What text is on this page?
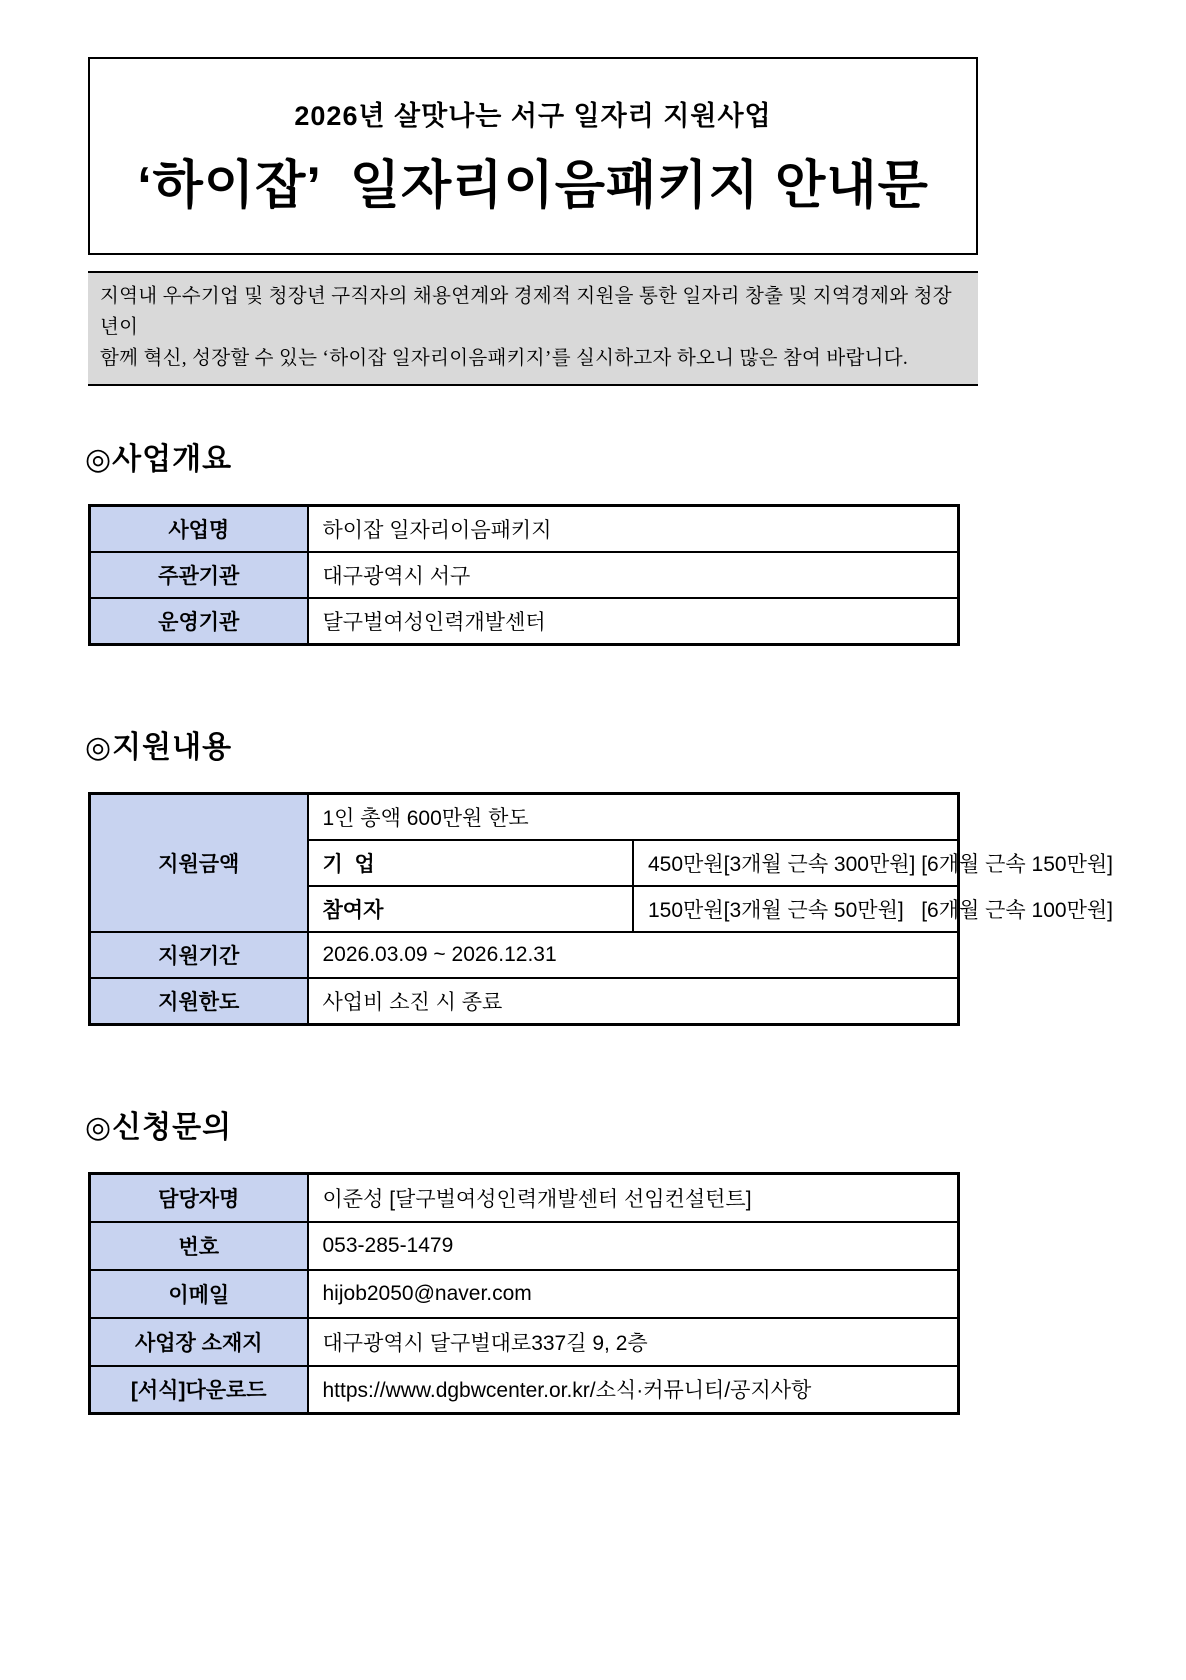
2026년 살맛나는 서구 일자리 지원사업
‘하이잡’  일자리이음패키지 안내문
지역내 우수기업 및 청장년 구직자의 채용연계와 경제적 지원을 통한 일자리 창출 및 지역경제와 청장년이
함께 혁신, 성장할 수 있는 ‘하이잡 일자리이음패키지’를 실시하고자 하오니 많은 참여 바랍니다.
◎사업개요
사업명	하이잡 일자리이음패키지
주관기관	대구광역시 서구
운영기관	달구벌여성인력개발센터
◎지원내용
지원금액	1인 총액 600만원 한도	
	기  업	450만원[3개월 근속 300만원] [6개월 근속 150만원]
	참여자	150만원[3개월 근속 50만원]   [6개월 근속 100만원]
지원기간	2026.03.09 ~ 2026.12.31	
지원한도	사업비 소진 시 종료	
◎신청문의
담당자명	이준성 [달구벌여성인력개발센터 선임컨설턴트]
번호	053-285-1479
이메일	hijob2050@naver.com
사업장 소재지	대구광역시 달구벌대로337길 9, 2층
[서식]다운로드	https://www.dgbwcenter.or.kr/소식·커뮤니티/공지사항
